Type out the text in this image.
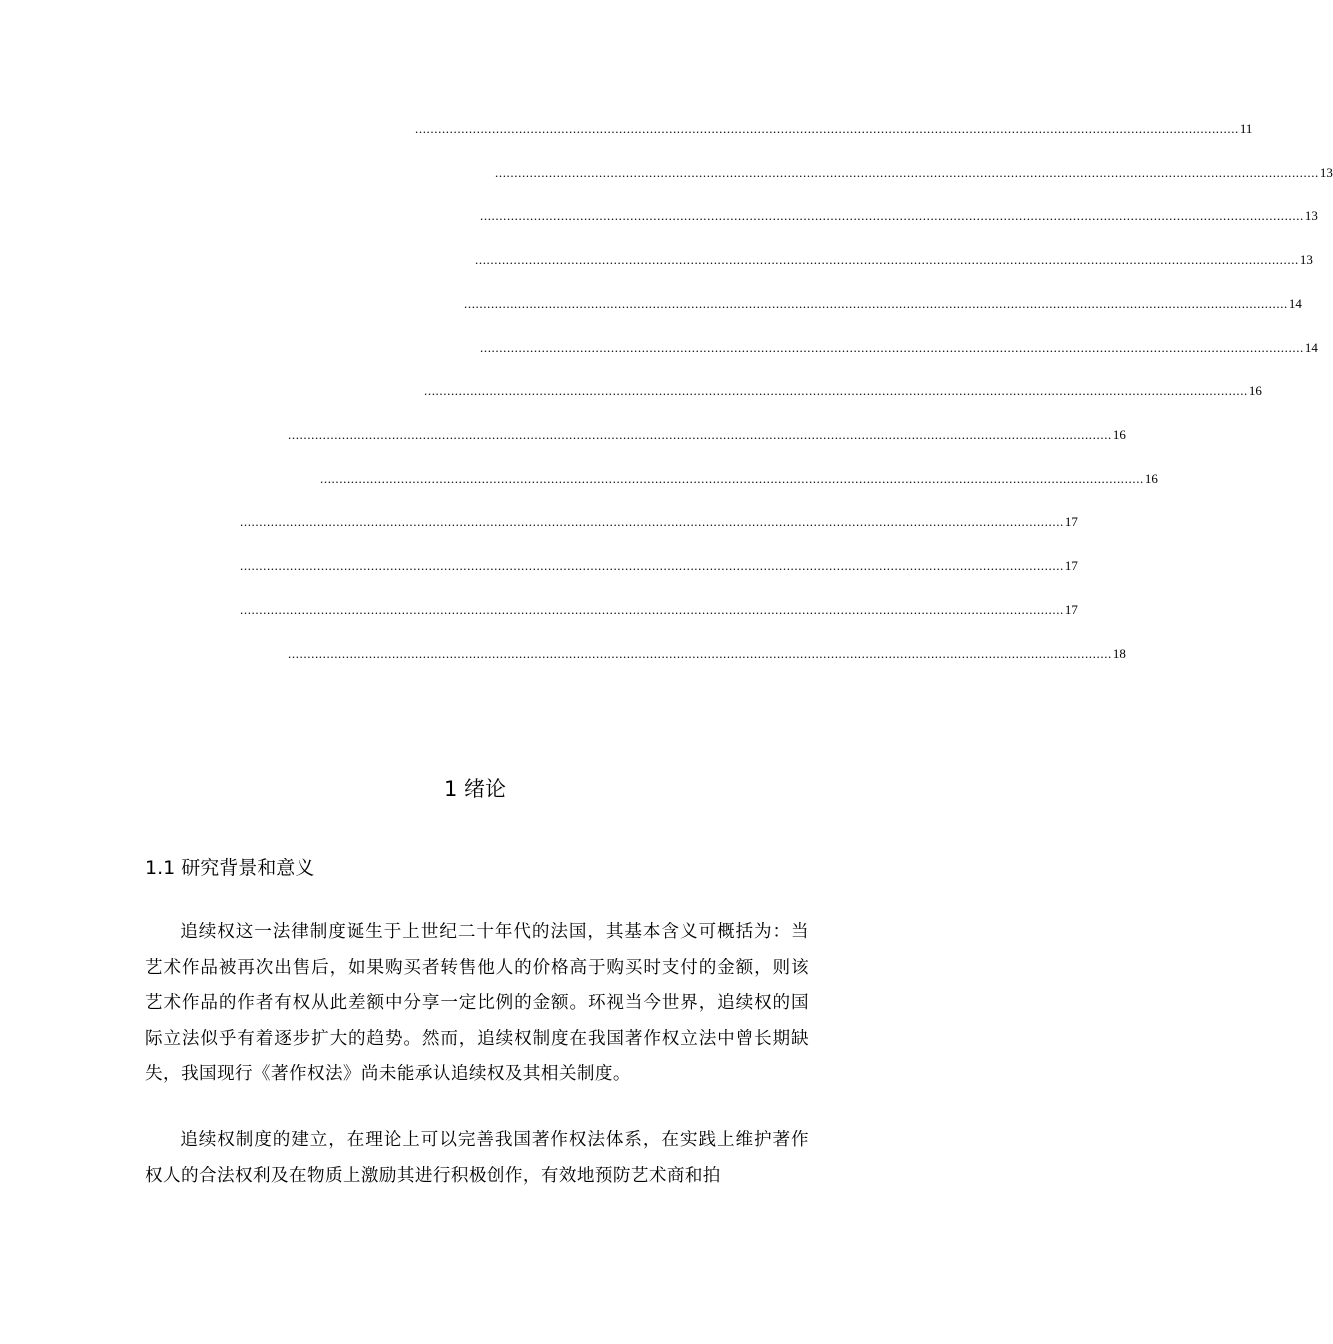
...................................................................................................................................................................................................................... 11
...................................................................................................................................................................................................................... 13
...................................................................................................................................................................................................................... 13
...................................................................................................................................................................................................................... 13
...................................................................................................................................................................................................................... 14
...................................................................................................................................................................................................................... 14
...................................................................................................................................................................................................................... 16
...................................................................................................................................................................................................................... 16
...................................................................................................................................................................................................................... 16
...................................................................................................................................................................................................................... 17
...................................................................................................................................................................................................................... 17
...................................................................................................................................................................................................................... 17
...................................................................................................................................................................................................................... 18
1 绪论
1.1 研究背景和意义

追续权这一法律制度诞生于上世纪二十年代的法国，其基本含义可概括为：当艺术作品被再次出售后，如果购买者转售他人的价格高于购买时支付的金额，则该艺术作品的作者有权从此差额中分享一定比例的金额。环视当今世界，追续权的国际立法似乎有着逐步扩大的趋势。然而，追续权制度在我国著作权立法中曾长期缺失，我国现行《著作权法》尚未能承认追续权及其相关制度。

追续权制度的建立，在理论上可以完善我国著作权法体系，在实践上维护著作权人的合法权利及在物质上激励其进行积极创作，有效地预防艺术商和拍
